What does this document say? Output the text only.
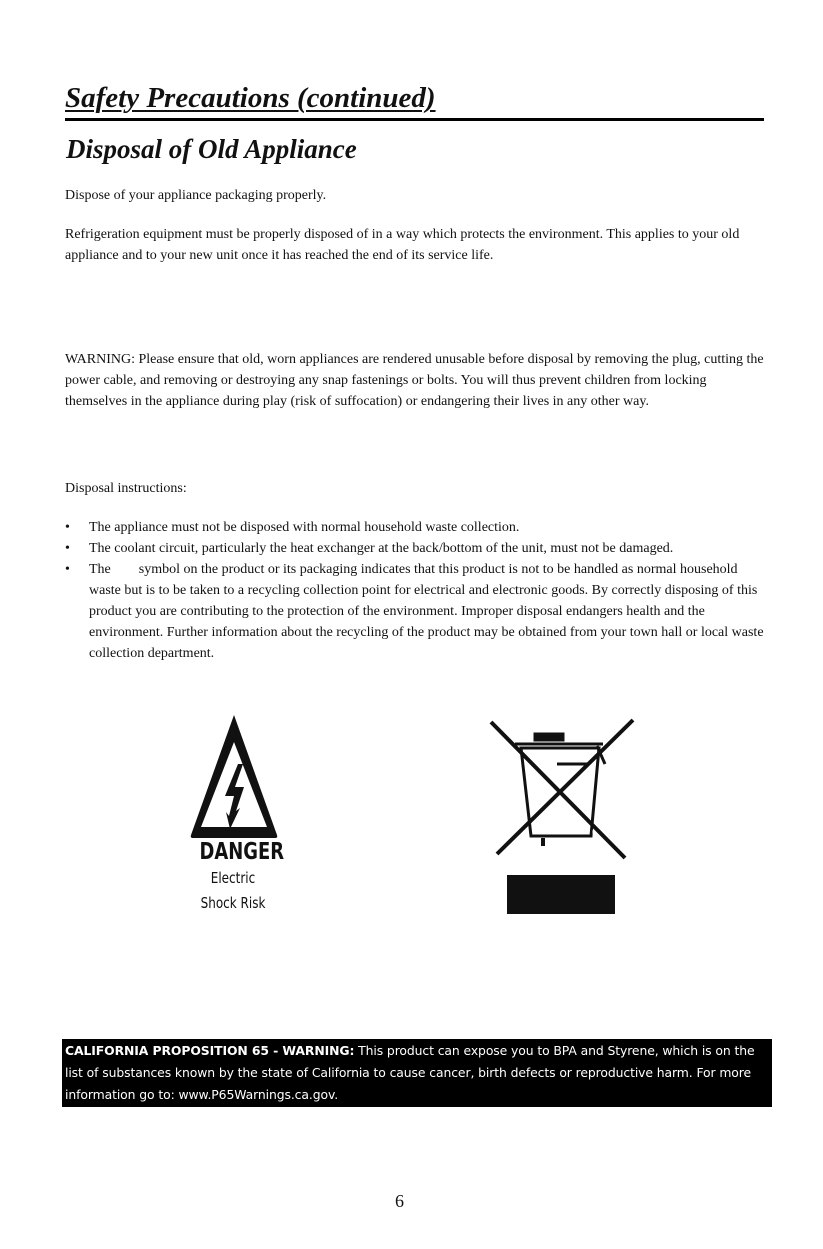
Safety Precautions (continued)
Disposal of Old Appliance
Dispose of your appliance packaging properly.
Refrigeration equipment must be properly disposed of in a way which protects the environment. This applies to your old appliance and to your new unit once it has reached the end of its service life.
WARNING: Please ensure that old, worn appliances are rendered unusable before disposal by removing the plug, cutting the power cable, and removing or destroying any snap fastenings or bolts. You will thus prevent children from locking themselves in the appliance during play (risk of suffocation) or endangering their lives in any other way.
Disposal instructions:
• The appliance must not be disposed with normal household waste collection.
• The coolant circuit, particularly the heat exchanger at the back/bottom of the unit, must not be damaged.
• The        symbol on the product or its packaging indicates that this product is not to be handled as normal household waste but is to be taken to a recycling collection point for electrical and electronic goods. By correctly disposing of this product you are contributing to the protection of the environment. Improper disposal endangers health and the environment. Further information about the recycling of the product may be obtained from your town hall or local waste collection department.
DANGER
Electric
Shock Risk
CALIFORNIA PROPOSITION 65 - WARNING: This product can expose you to BPA and Styrene, which is on the list of substances known by the state of California to cause cancer, birth defects or reproductive harm. For more information go to: www.P65Warnings.ca.gov.
6
